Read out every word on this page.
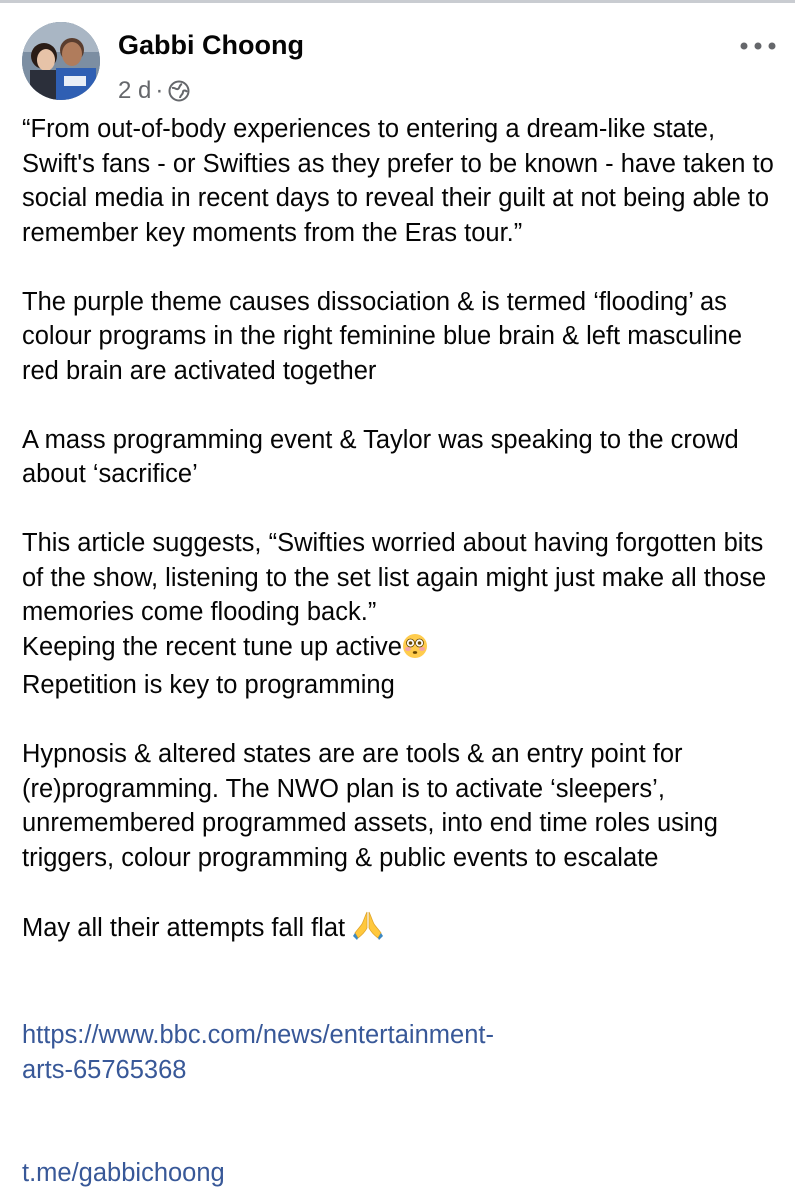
Gabbi Choong
2 d ·

“From out-of-body experiences to entering a dream-like state, Swift's fans - or Swifties as they prefer to be known - have taken to social media in recent days to reveal their guilt at not being able to remember key moments from the Eras tour.”

The purple theme causes dissociation & is termed ‘flooding’ as colour programs in the right feminine blue brain & left masculine red brain are activated together

A mass programming event & Taylor was speaking to the crowd about ‘sacrifice’

This article suggests, “Swifties worried about having forgotten bits of the show, listening to the set list again might just make all those memories come flooding back.”

Keeping the recent tune up active

Repetition is key to programming

Hypnosis & altered states are are tools & an entry point for (re)programming. The NWO plan is to activate ‘sleepers’, unremembered programmed assets, into end time roles using triggers, colour programming & public events to escalate

May all their attempts fall flat

https://www.bbc.com/news/entertainment-
arts-65765368

t.me/gabbichoong
